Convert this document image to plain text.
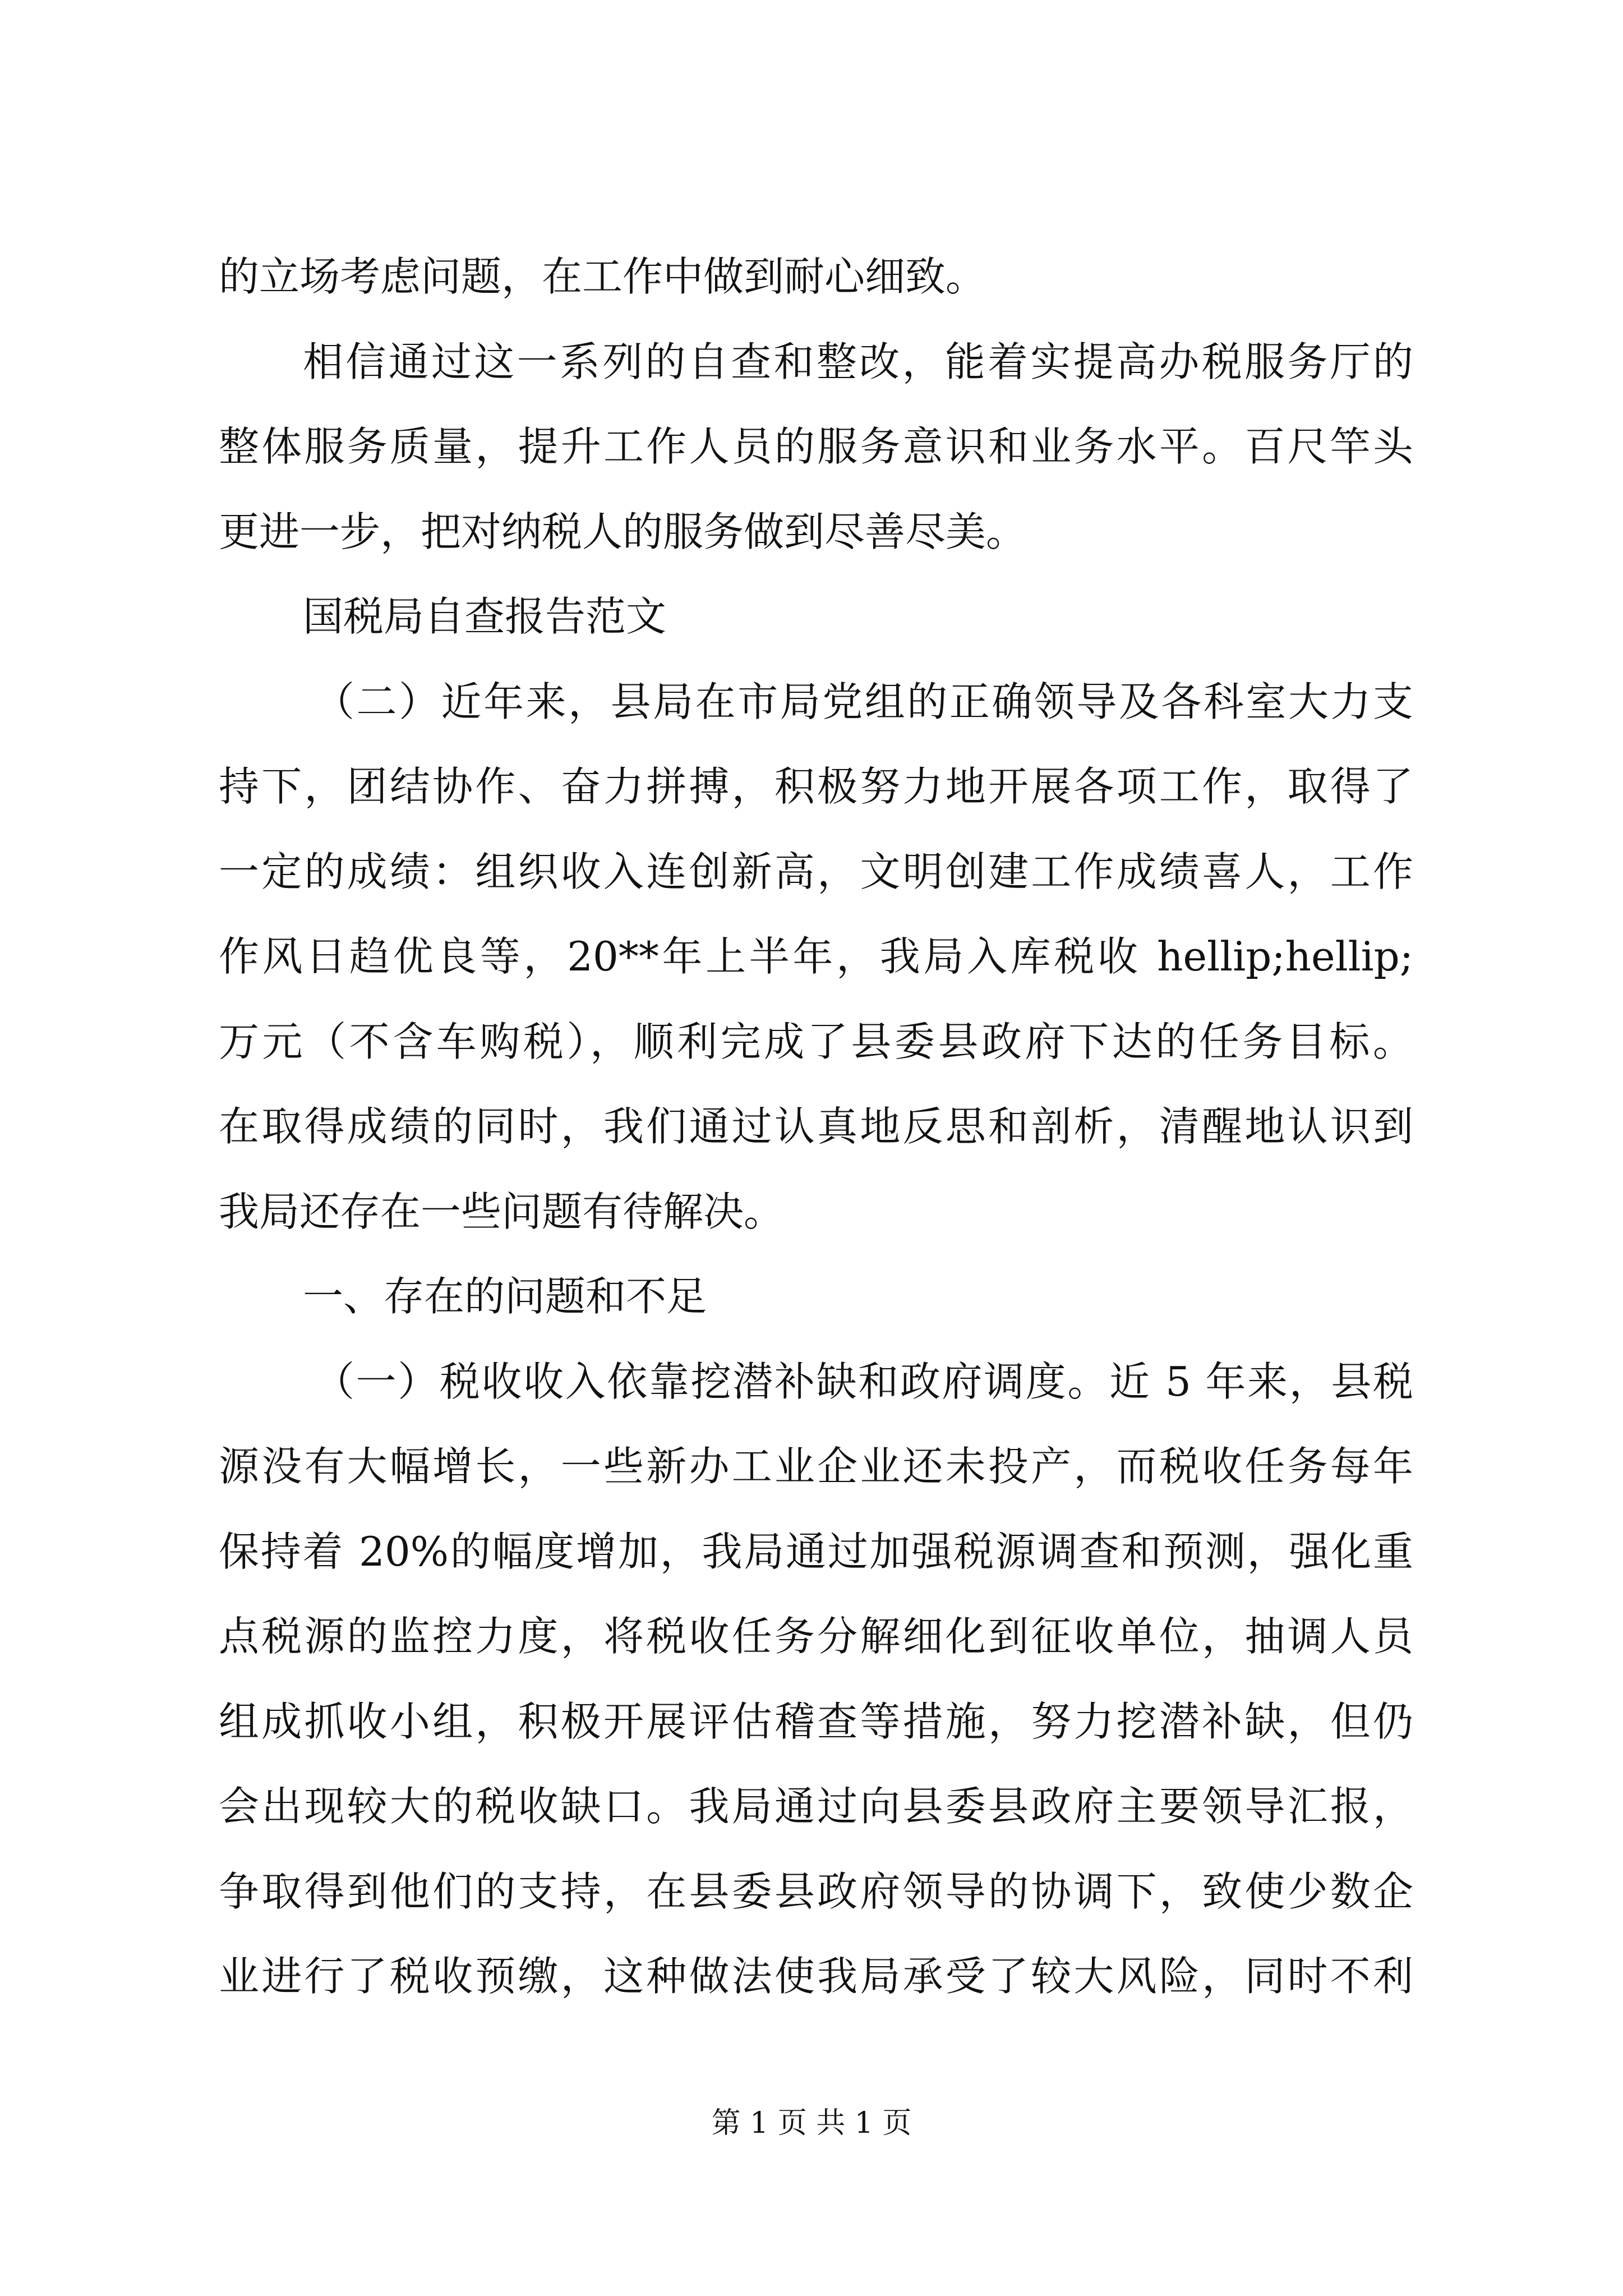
的立场考虑问题，在工作中做到耐心细致。
相信通过这一系列的自查和整改，能着实提高办税服务厅的
整体服务质量，提升工作人员的服务意识和业务水平。百尺竿头
更进一步，把对纳税人的服务做到尽善尽美。
国税局自查报告范文
（二）近年来，县局在市局党组的正确领导及各科室大力支
持下，团结协作、奋力拼搏，积极努力地开展各项工作，取得了
一定的成绩：组织收入连创新高，文明创建工作成绩喜人，工作
作风日趋优良等，20**年上半年，我局入库税收 hellip;hellip;
万元（不含车购税），顺利完成了县委县政府下达的任务目标。
在取得成绩的同时，我们通过认真地反思和剖析，清醒地认识到
我局还存在一些问题有待解决。
一、存在的问题和不足
（一）税收收入依靠挖潜补缺和政府调度。近 5 年来，县税
源没有大幅增长，一些新办工业企业还未投产，而税收任务每年
保持着 20%的幅度增加，我局通过加强税源调查和预测，强化重
点税源的监控力度，将税收任务分解细化到征收单位，抽调人员
组成抓收小组，积极开展评估稽查等措施，努力挖潜补缺，但仍
会出现较大的税收缺口。我局通过向县委县政府主要领导汇报，
争取得到他们的支持，在县委县政府领导的协调下，致使少数企
业进行了税收预缴，这种做法使我局承受了较大风险，同时不利
第 1 页 共 1 页
